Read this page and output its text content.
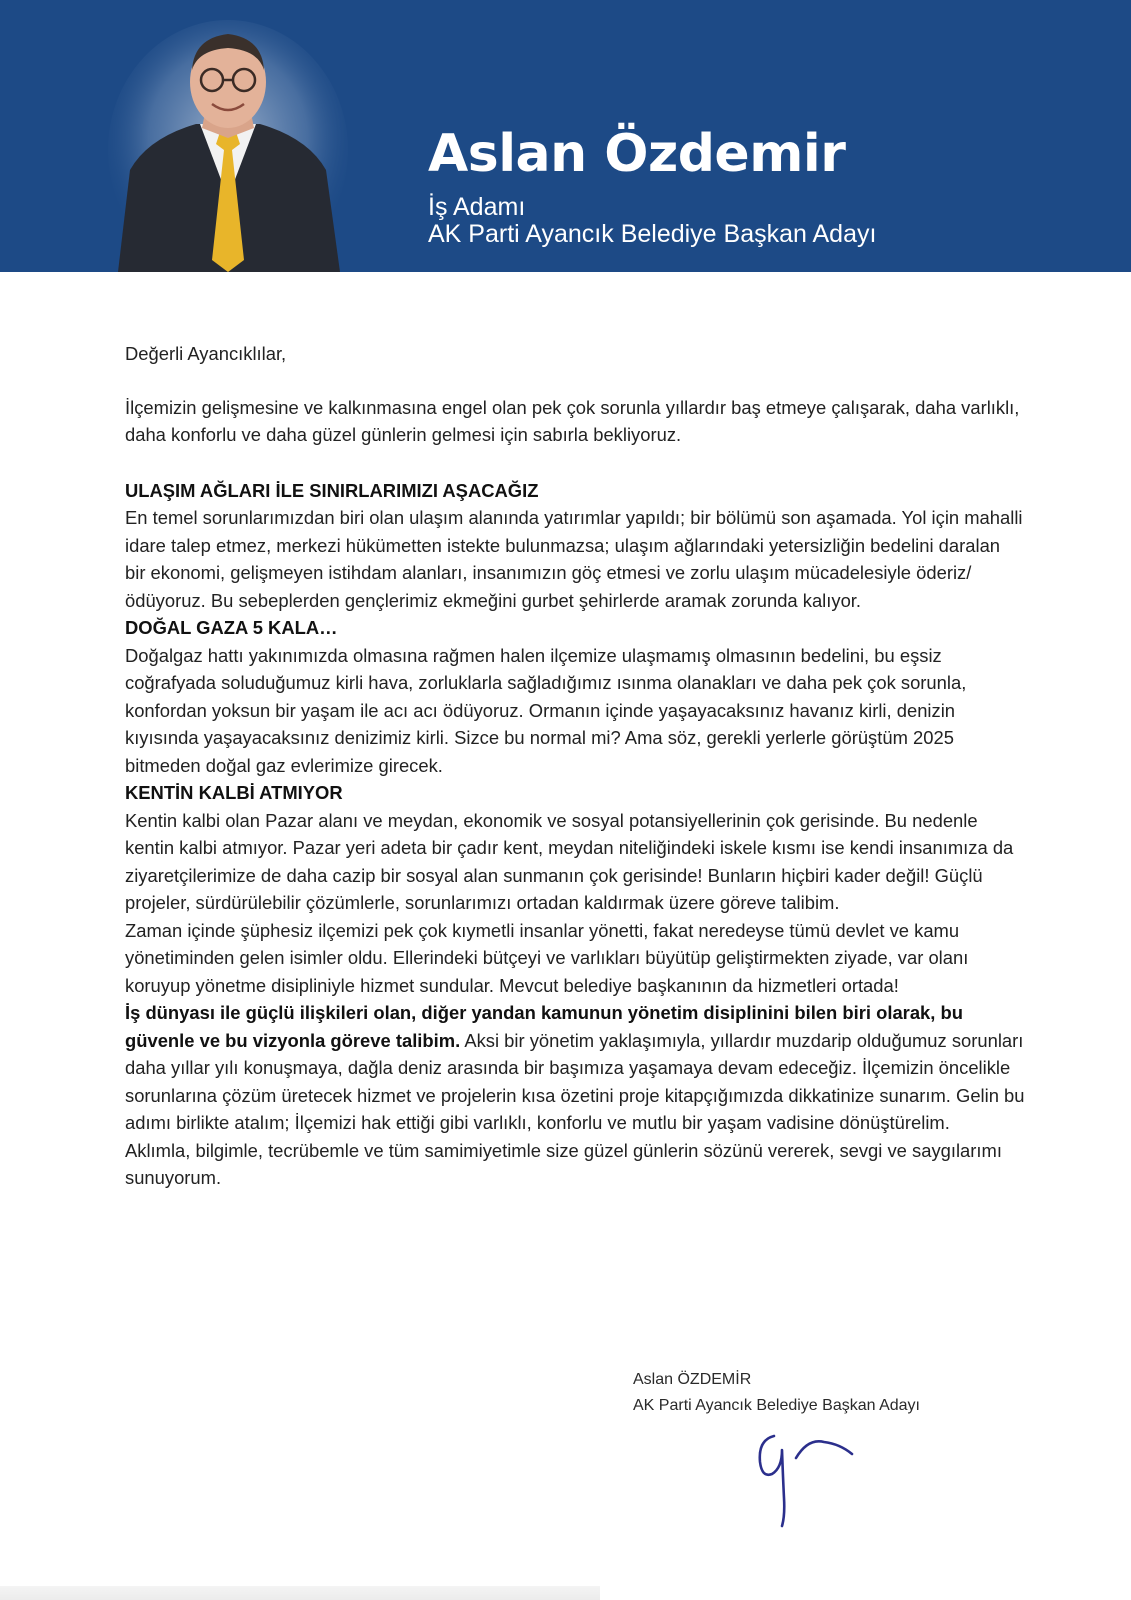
Aslan Özdemir
İş Adamı
AK Parti Ayancık Belediye Başkan Adayı

Değerli Ayancıklılar,

İlçemizin gelişmesine ve kalkınmasına engel olan pek çok sorunla yıllardır baş etmeye çalışarak, daha varlıklı, daha konforlu ve daha güzel günlerin gelmesi için sabırla bekliyoruz.

ULAŞIM AĞLARI İLE SINIRLARIMIZI AŞACAĞIZ

En temel sorunlarımızdan biri olan ulaşım alanında yatırımlar yapıldı; bir bölümü son aşamada. Yol için mahalli idare talep etmez, merkezi hükümetten istekte bulunmazsa; ulaşım ağlarındaki yetersizliğin bedelini daralan bir ekonomi, gelişmeyen istihdam alanları, insanımızın göç etmesi ve zorlu ulaşım mücadelesiyle öderiz/ödüyoruz. Bu sebeplerden gençlerimiz ekmeğini gurbet şehirlerde aramak zorunda kalıyor.

DOĞAL GAZA 5 KALA…

Doğalgaz hattı yakınımızda olmasına rağmen halen ilçemize ulaşmamış olmasının bedelini, bu eşsiz coğrafyada soluduğumuz kirli hava, zorluklarla sağladığımız ısınma olanakları ve daha pek çok sorunla, konfordan yoksun bir yaşam ile acı acı ödüyoruz. Ormanın içinde yaşayacaksınız havanız kirli, denizin kıyısında yaşayacaksınız denizimiz kirli. Sizce bu normal mi? Ama söz, gerekli yerlerle görüştüm 2025 bitmeden doğal gaz evlerimize girecek.

KENTİN KALBİ ATMIYOR

Kentin kalbi olan Pazar alanı ve meydan, ekonomik ve sosyal potansiyellerinin çok gerisinde. Bu nedenle kentin kalbi atmıyor. Pazar yeri adeta bir çadır kent, meydan niteliğindeki iskele kısmı ise kendi insanımıza da ziyaretçilerimize de daha cazip bir sosyal alan sunmanın çok gerisinde! Bunların hiçbiri kader değil! Güçlü projeler, sürdürülebilir çözümlerle, sorunlarımızı ortadan kaldırmak üzere göreve talibim.

Zaman içinde şüphesiz ilçemizi pek çok kıymetli insanlar yönetti, fakat neredeyse tümü devlet ve kamu yönetiminden gelen isimler oldu. Ellerindeki bütçeyi ve varlıkları büyütüp geliştirmekten ziyade, var olanı koruyup yönetme disipliniyle hizmet sundular. Mevcut belediye başkanının da hizmetleri ortada!

İş dünyası ile güçlü ilişkileri olan, diğer yandan kamunun yönetim disiplinini bilen biri olarak, bu güvenle ve bu vizyonla göreve talibim. Aksi bir yönetim yaklaşımıyla, yıllardır muzdarip olduğumuz sorunları daha yıllar yılı konuşmaya, dağla deniz arasında bir başımıza yaşamaya devam edeceğiz. İlçemizin öncelikle sorunlarına çözüm üretecek hizmet ve projelerin kısa özetini proje kitapçığımızda dikkatinize sunarım. Gelin bu adımı birlikte atalım; İlçemizi hak ettiği gibi varlıklı, konforlu ve mutlu bir yaşam vadisine dönüştürelim.

Aklımla, bilgimle, tecrübemle ve tüm samimiyetimle size güzel günlerin sözünü vererek, sevgi ve saygılarımı sunuyorum.

Aslan ÖZDEMİR
AK Parti Ayancık Belediye Başkan Adayı
